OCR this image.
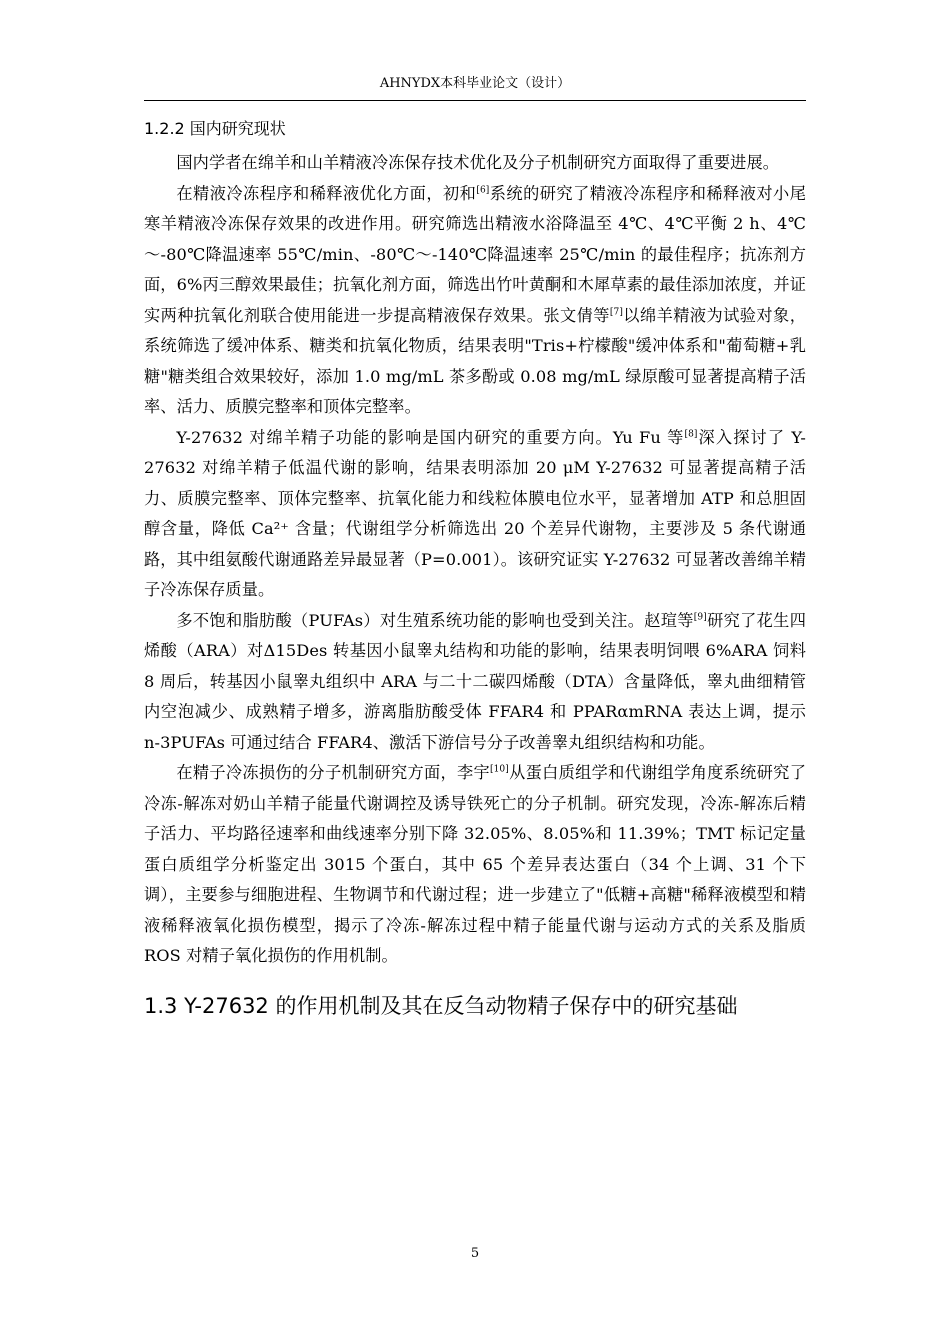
AHNYDX本科毕业论文（设计）
1.2.2 国内研究现状

国内学者在绵羊和山羊精液冷冻保存技术优化及分子机制研究方面取得了重要进展。

在精液冷冻程序和稀释液优化方面，初和[6]系统的研究了精液冷冻程序和稀释液对小尾寒羊精液冷冻保存效果的改进作用。研究筛选出精液水浴降温至 4℃、4℃平衡 2 h、4℃～-80℃降温速率 55℃/min、-80℃～-140℃降温速率 25℃/min 的最佳程序；抗冻剂方面，6%丙三醇效果最佳；抗氧化剂方面，筛选出竹叶黄酮和木犀草素的最佳添加浓度，并证实两种抗氧化剂联合使用能进一步提高精液保存效果。张文倩等[7]以绵羊精液为试验对象，系统筛选了缓冲体系、糖类和抗氧化物质，结果表明"Tris+柠檬酸"缓冲体系和"葡萄糖+乳糖"糖类组合效果较好，添加 1.0 mg/mL 茶多酚或 0.08 mg/mL 绿原酸可显著提高精子活率、活力、质膜完整率和顶体完整率。

Y-27632 对绵羊精子功能的影响是国内研究的重要方向。Yu Fu 等[8]深入探讨了 Y-27632 对绵羊精子低温代谢的影响，结果表明添加 20 μM Y-27632 可显著提高精子活力、质膜完整率、顶体完整率、抗氧化能力和线粒体膜电位水平，显著增加 ATP 和总胆固醇含量，降低 Ca²⁺ 含量；代谢组学分析筛选出 20 个差异代谢物，主要涉及 5 条代谢通路，其中组氨酸代谢通路差异最显著（P=0.001）。该研究证实 Y-27632 可显著改善绵羊精子冷冻保存质量。

多不饱和脂肪酸（PUFAs）对生殖系统功能的影响也受到关注。赵瑄等[9]研究了花生四烯酸（ARA）对Δ15Des 转基因小鼠睾丸结构和功能的影响，结果表明饲喂 6%ARA 饲料 8 周后，转基因小鼠睾丸组织中 ARA 与二十二碳四烯酸（DTA）含量降低，睾丸曲细精管内空泡减少、成熟精子增多，游离脂肪酸受体 FFAR4 和 PPARαmRNA 表达上调，提示 n-3PUFAs 可通过结合 FFAR4、激活下游信号分子改善睾丸组织结构和功能。

在精子冷冻损伤的分子机制研究方面，李宇[10]从蛋白质组学和代谢组学角度系统研究了冷冻-解冻对奶山羊精子能量代谢调控及诱导铁死亡的分子机制。研究发现，冷冻-解冻后精子活力、平均路径速率和曲线速率分别下降 32.05%、8.05%和 11.39%；TMT 标记定量蛋白质组学分析鉴定出 3015 个蛋白，其中 65 个差异表达蛋白（34 个上调、31 个下调），主要参与细胞进程、生物调节和代谢过程；进一步建立了"低糖+高糖"稀释液模型和精液稀释液氧化损伤模型，揭示了冷冻-解冻过程中精子能量代谢与运动方式的关系及脂质 ROS 对精子氧化损伤的作用机制。

1.3 Y-27632 的作用机制及其在反刍动物精子保存中的研究基础
5
